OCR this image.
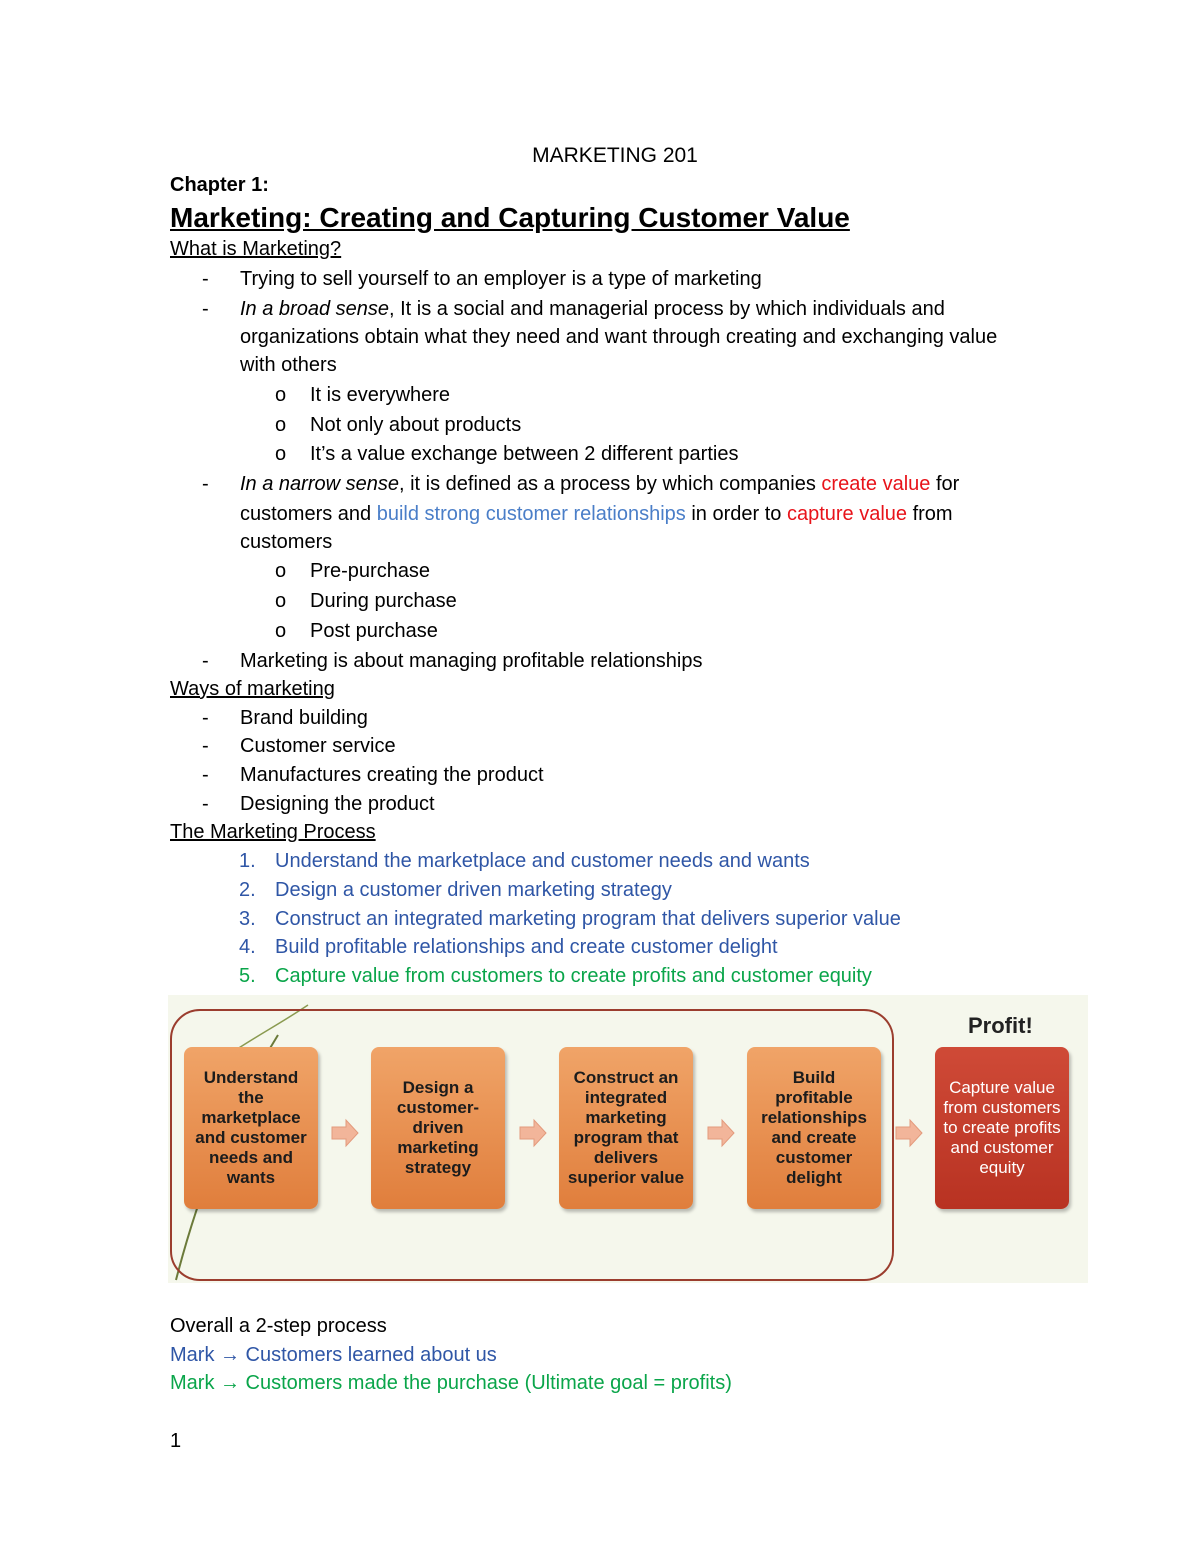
MARKETING 201
Chapter 1:
Marketing: Creating and Capturing Customer Value
What is Marketing?
- Trying to sell yourself to an employer is a type of marketing
- In a broad sense, It is a social and managerial process by which individuals and
organizations obtain what they need and want through creating and exchanging value
with others
o It is everywhere
o Not only about products
o It’s a value exchange between 2 different parties
- In a narrow sense, it is defined as a process by which companies create value for
customers and build strong customer relationships in order to capture value from
customers
o Pre-purchase
o During purchase
o Post purchase
- Marketing is about managing profitable relationships
Ways of marketing
- Brand building
- Customer service
- Manufactures creating the product
- Designing the product
The Marketing Process
1. Understand the marketplace and customer needs and wants
2. Design a customer driven marketing strategy
3. Construct an integrated marketing program that delivers superior value
4. Build profitable relationships and create customer delight
5. Capture value from customers to create profits and customer equity
Profit!
Understand the marketplace and customer needs and wants
Design a customer-driven marketing strategy
Construct an integrated marketing program that delivers superior value
Build profitable relationships and create customer delight
Capture value from customers to create profits and customer equity
Overall a 2-step process
Mark → Customers learned about us
Mark → Customers made the purchase (Ultimate goal = profits)
1
